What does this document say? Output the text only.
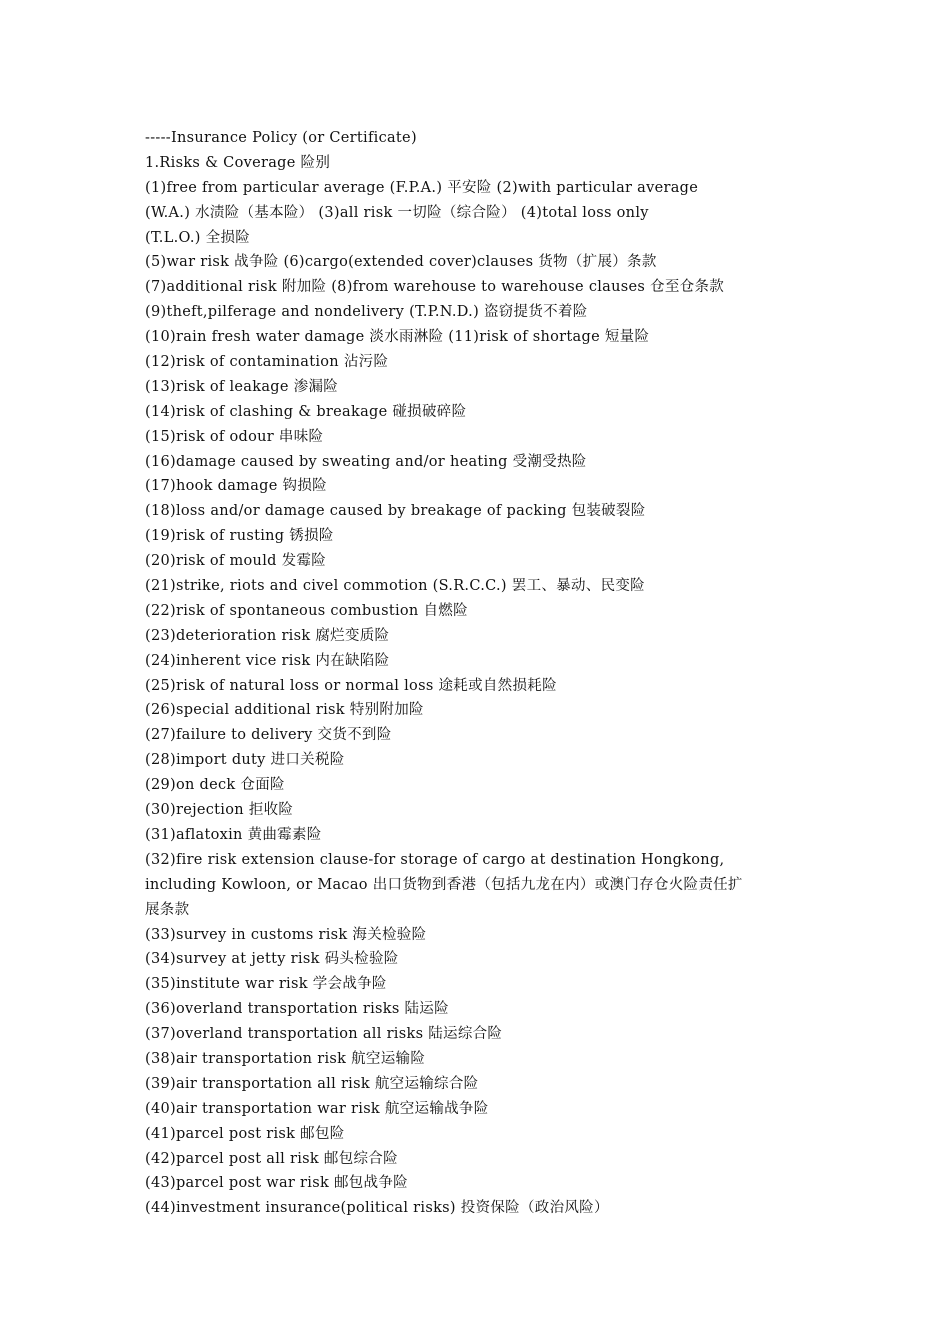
-----Insurance Policy (or Certificate)
1.Risks & Coverage 险别
(1)free from particular average (F.P.A.) 平安险 (2)with particular average
(W.A.) 水渍险（基本险） (3)all risk 一切险（综合险） (4)total loss only
(T.L.O.) 全损险
(5)war risk 战争险 (6)cargo(extended cover)clauses 货物（扩展）条款
(7)additional risk 附加险 (8)from warehouse to warehouse clauses 仓至仓条款
(9)theft,pilferage and nondelivery (T.P.N.D.) 盗窃提货不着险
(10)rain fresh water damage 淡水雨淋险 (11)risk of shortage 短量险
(12)risk of contamination 沾污险
(13)risk of leakage 渗漏险
(14)risk of clashing & breakage 碰损破碎险
(15)risk of odour 串味险
(16)damage caused by sweating and/or heating 受潮受热险
(17)hook damage 钩损险
(18)loss and/or damage caused by breakage of packing 包装破裂险
(19)risk of rusting 锈损险
(20)risk of mould 发霉险
(21)strike, riots and civel commotion (S.R.C.C.) 罢工、暴动、民变险
(22)risk of spontaneous combustion 自燃险
(23)deterioration risk 腐烂变质险
(24)inherent vice risk 内在缺陷险
(25)risk of natural loss or normal loss 途耗或自然损耗险
(26)special additional risk 特别附加险
(27)failure to delivery 交货不到险
(28)import duty 进口关税险
(29)on deck 仓面险
(30)rejection 拒收险
(31)aflatoxin 黄曲霉素险
(32)fire risk extension clause-for storage of cargo at destination Hongkong,
including Kowloon, or Macao 出口货物到香港（包括九龙在内）或澳门存仓火险责任扩
展条款
(33)survey in customs risk 海关检验险
(34)survey at jetty risk 码头检验险
(35)institute war risk 学会战争险
(36)overland transportation risks 陆运险
(37)overland transportation all risks 陆运综合险
(38)air transportation risk 航空运输险
(39)air transportation all risk 航空运输综合险
(40)air transportation war risk 航空运输战争险
(41)parcel post risk 邮包险
(42)parcel post all risk 邮包综合险
(43)parcel post war risk 邮包战争险
(44)investment insurance(political risks) 投资保险（政治风险）
